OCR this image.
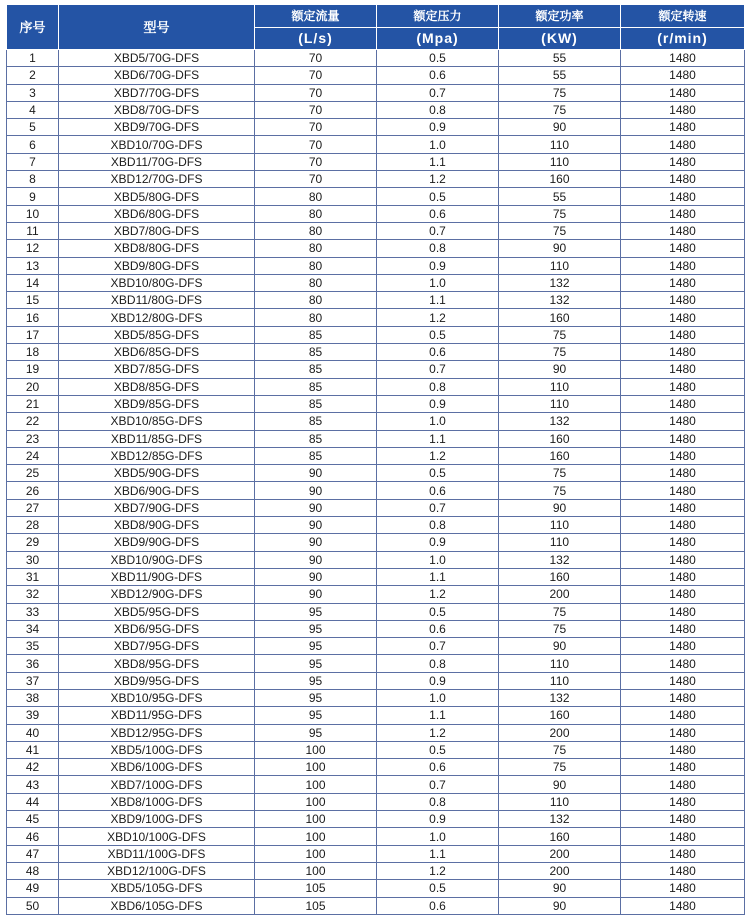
序号	型号	额定流量	额定压力	额定功率	额定转速
		(L/s)	(Mpa)	(KW)	(r/min)
1	XBD5/70G-DFS	70	0.5	55	1480
2	XBD6/70G-DFS	70	0.6	55	1480
3	XBD7/70G-DFS	70	0.7	75	1480
4	XBD8/70G-DFS	70	0.8	75	1480
5	XBD9/70G-DFS	70	0.9	90	1480
6	XBD10/70G-DFS	70	1.0	110	1480
7	XBD11/70G-DFS	70	1.1	110	1480
8	XBD12/70G-DFS	70	1.2	160	1480
9	XBD5/80G-DFS	80	0.5	55	1480
10	XBD6/80G-DFS	80	0.6	75	1480
11	XBD7/80G-DFS	80	0.7	75	1480
12	XBD8/80G-DFS	80	0.8	90	1480
13	XBD9/80G-DFS	80	0.9	110	1480
14	XBD10/80G-DFS	80	1.0	132	1480
15	XBD11/80G-DFS	80	1.1	132	1480
16	XBD12/80G-DFS	80	1.2	160	1480
17	XBD5/85G-DFS	85	0.5	75	1480
18	XBD6/85G-DFS	85	0.6	75	1480
19	XBD7/85G-DFS	85	0.7	90	1480
20	XBD8/85G-DFS	85	0.8	110	1480
21	XBD9/85G-DFS	85	0.9	110	1480
22	XBD10/85G-DFS	85	1.0	132	1480
23	XBD11/85G-DFS	85	1.1	160	1480
24	XBD12/85G-DFS	85	1.2	160	1480
25	XBD5/90G-DFS	90	0.5	75	1480
26	XBD6/90G-DFS	90	0.6	75	1480
27	XBD7/90G-DFS	90	0.7	90	1480
28	XBD8/90G-DFS	90	0.8	110	1480
29	XBD9/90G-DFS	90	0.9	110	1480
30	XBD10/90G-DFS	90	1.0	132	1480
31	XBD11/90G-DFS	90	1.1	160	1480
32	XBD12/90G-DFS	90	1.2	200	1480
33	XBD5/95G-DFS	95	0.5	75	1480
34	XBD6/95G-DFS	95	0.6	75	1480
35	XBD7/95G-DFS	95	0.7	90	1480
36	XBD8/95G-DFS	95	0.8	110	1480
37	XBD9/95G-DFS	95	0.9	110	1480
38	XBD10/95G-DFS	95	1.0	132	1480
39	XBD11/95G-DFS	95	1.1	160	1480
40	XBD12/95G-DFS	95	1.2	200	1480
41	XBD5/100G-DFS	100	0.5	75	1480
42	XBD6/100G-DFS	100	0.6	75	1480
43	XBD7/100G-DFS	100	0.7	90	1480
44	XBD8/100G-DFS	100	0.8	110	1480
45	XBD9/100G-DFS	100	0.9	132	1480
46	XBD10/100G-DFS	100	1.0	160	1480
47	XBD11/100G-DFS	100	1.1	200	1480
48	XBD12/100G-DFS	100	1.2	200	1480
49	XBD5/105G-DFS	105	0.5	90	1480
50	XBD6/105G-DFS	105	0.6	90	1480
